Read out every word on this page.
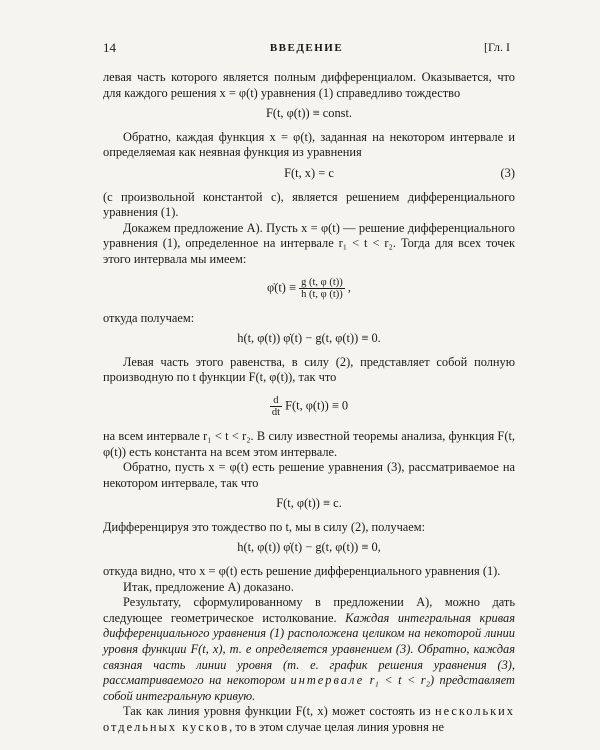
14	ВВЕДЕНИЕ	[Гл. I

левая часть которого является полным дифференциалом. Оказывается, что для каждого решения x = φ(t) уравнения (1) справедливо тождество

F(t, φ(t)) ≡ const.

Обратно, каждая функция x = φ(t), заданная на некотором интервале и определяемая как неявная функция из уравнения

F(t, x) = c	(3)

(с произвольной константой c), является решением дифференциального уравнения (1).

Докажем предложение А). Пусть x = φ(t) — решение дифференциального уравнения (1), определенное на интервале r₁ < t < r₂. Тогда для всех точек этого интервала мы имеем:

φ̇(t) ≡ $\frac{g (t, \varphi (t))}{h (t, \varphi (t))}$ ,

откуда получаем:

h(t, φ(t)) φ̇(t) − g(t, φ(t)) ≡ 0.

Левая часть этого равенства, в силу (2), представляет собой полную производную по t функции F(t, φ(t)), так что

$\frac{d}{dt} F(t$, φ(t)) ≡ 0

на всем интервале r₁ < t < r₂. В силу известной теоремы анализа, функция F(t, φ(t)) есть константа на всем этом интервале.

Обратно, пусть x = φ(t) есть решение уравнения (3), рассматриваемое на некотором интервале, так что

F(t, φ(t)) ≡ c.

Дифференцируя это тождество по t, мы в силу (2), получаем:

h(t, φ(t)) φ̇(t) − g(t, φ(t)) ≡ 0,

откуда видно, что x = φ(t) есть решение дифференциального уравнения (1).

Итак, предложение А) доказано.

Результату, сформулированному в предложении А), можно дать следующее геометрическое истолкование. Каждая интегральная кривая дифференциального уравнения (1) расположена целиком на некоторой линии уровня функции F(t, x), т. е определяется уравнением (3). Обратно, каждая связная часть линии уровня (т. е. график решения уравнения (3), рассматриваемого на некотором интервале r₁ < t < r₂) представляет собой интегральную кривую.

Так как линия уровня функции F(t, x) может состоять из нескольких отдельных кусков, то в этом случае целая линия уровня не
